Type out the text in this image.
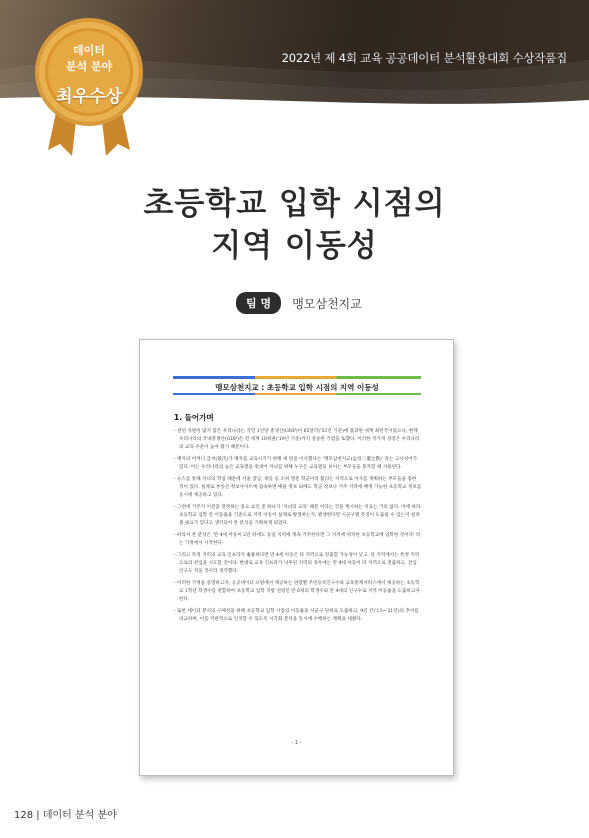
2022년 제 4회 교육 공공데이터 분석활용대회 수상작품집
데이터
분석 분야
최우수상
초등학교 입학 시점의
지역 이동성
팀 명 맹모삼천지교
맹모삼천지교 : 초등학교 입학 시점의 지역 이동성
1. 들어가며

- 천연 자원이 많지 않은 우리나라는 국민 1인당 총생산(GNP)이 65달러('53년 기준)에 불과한 세계 최빈국이었으나, 현재 우리나라의 국내총생산(GDP)은 전 세계 10위권('19년 기준)까지 상승한 기염을 토했다. 이러한 국가적 성장은 우리나라의 교육 수준이 높아 왔기 때문이다.

- 맹자의 어머니 급씨(伋氏)가 맹자를 교육시키기 위해 세 번을 이사했다는 '맹모삼천지교(孟母三遷之敎)' 라는 고사성어가 있다. 이는 우리나라의 높은 교육열을 빗대어 자녀를 위해 누구든 교육열을 보이는 부모들을 풍자할 때 사용된다.

- 뉴스를 통해 자녀의 학업 때문에 서울 강남, 목동 등 소위 명문 학군이라 불리는 지역으로 이사를 계획하는 부모들을 접한 적이 있다. 실제로 부동산 정보사이트에 접속하면 매물 정보 외에도 학군 정보나 거주 지역에 배정 가능한 초등학교 정보를 동시에 제공하고 있다.

- 그런데 거주지 이전을 결정하는 중요 요인 중 하나가 '자녀의 교육' 때문 이라는 것을 계시하는 지표는 거의 없다. 이에 따라 초등학교 입학 전 이동률을 기준으로 지역 이동이 실제로 발생하는지, 발생한다면 시군구별 특징이 도출될 수 있는지 살펴볼 필요가 있다고 생각되어 본 분석을 기획하게 되었다.

- 따라서 본 분석은 '만 4세 아동이 2년 뒤에도 동일 지역에 계속 거주한다면 그 지역에 위치한 초등학교에 입학한 것이다' 라는 가정에서 시작한다.

- 그리고 특정 지역의 교육 인프라가 훌륭하다면 만 4세 아동은 타 지역으로 전출할 가능성이 낮고, 타 지역에서는 특정 지역으로의 전입을 시도할 것이다. 반대로 교육 인프라가 낙후된 지역의 경우에는 만 4세 아동이 타 지역으로 전출하고, 전입 인구도 적을 것이라 생각했다.

- 이러한 가정을 증명하고자, 공공데이터 포털에서 제공하는 연령별 주민등록인구수와 교육통계서비스에서 제공하는 초등학교 1학년 학생수를 결합하여 초등학교 입학 직항 연령인 만 6세의 학생수와 만 4세의 인구수로 지역 이동률을 도출하고자 한다.

- 또한 데이터 분석의 구체성을 위해 초등학교 입학 시점의 이동률을 시군구 단위로 도출하고, 9년 간('13~'21년)의 추이를 비교하며, 이를 직관적으로 인지할 수 있도록 시각화 분석을 동시에 수행하는 계획을 세웠다.

- 1 -
128 | 데이터 분석 분야
